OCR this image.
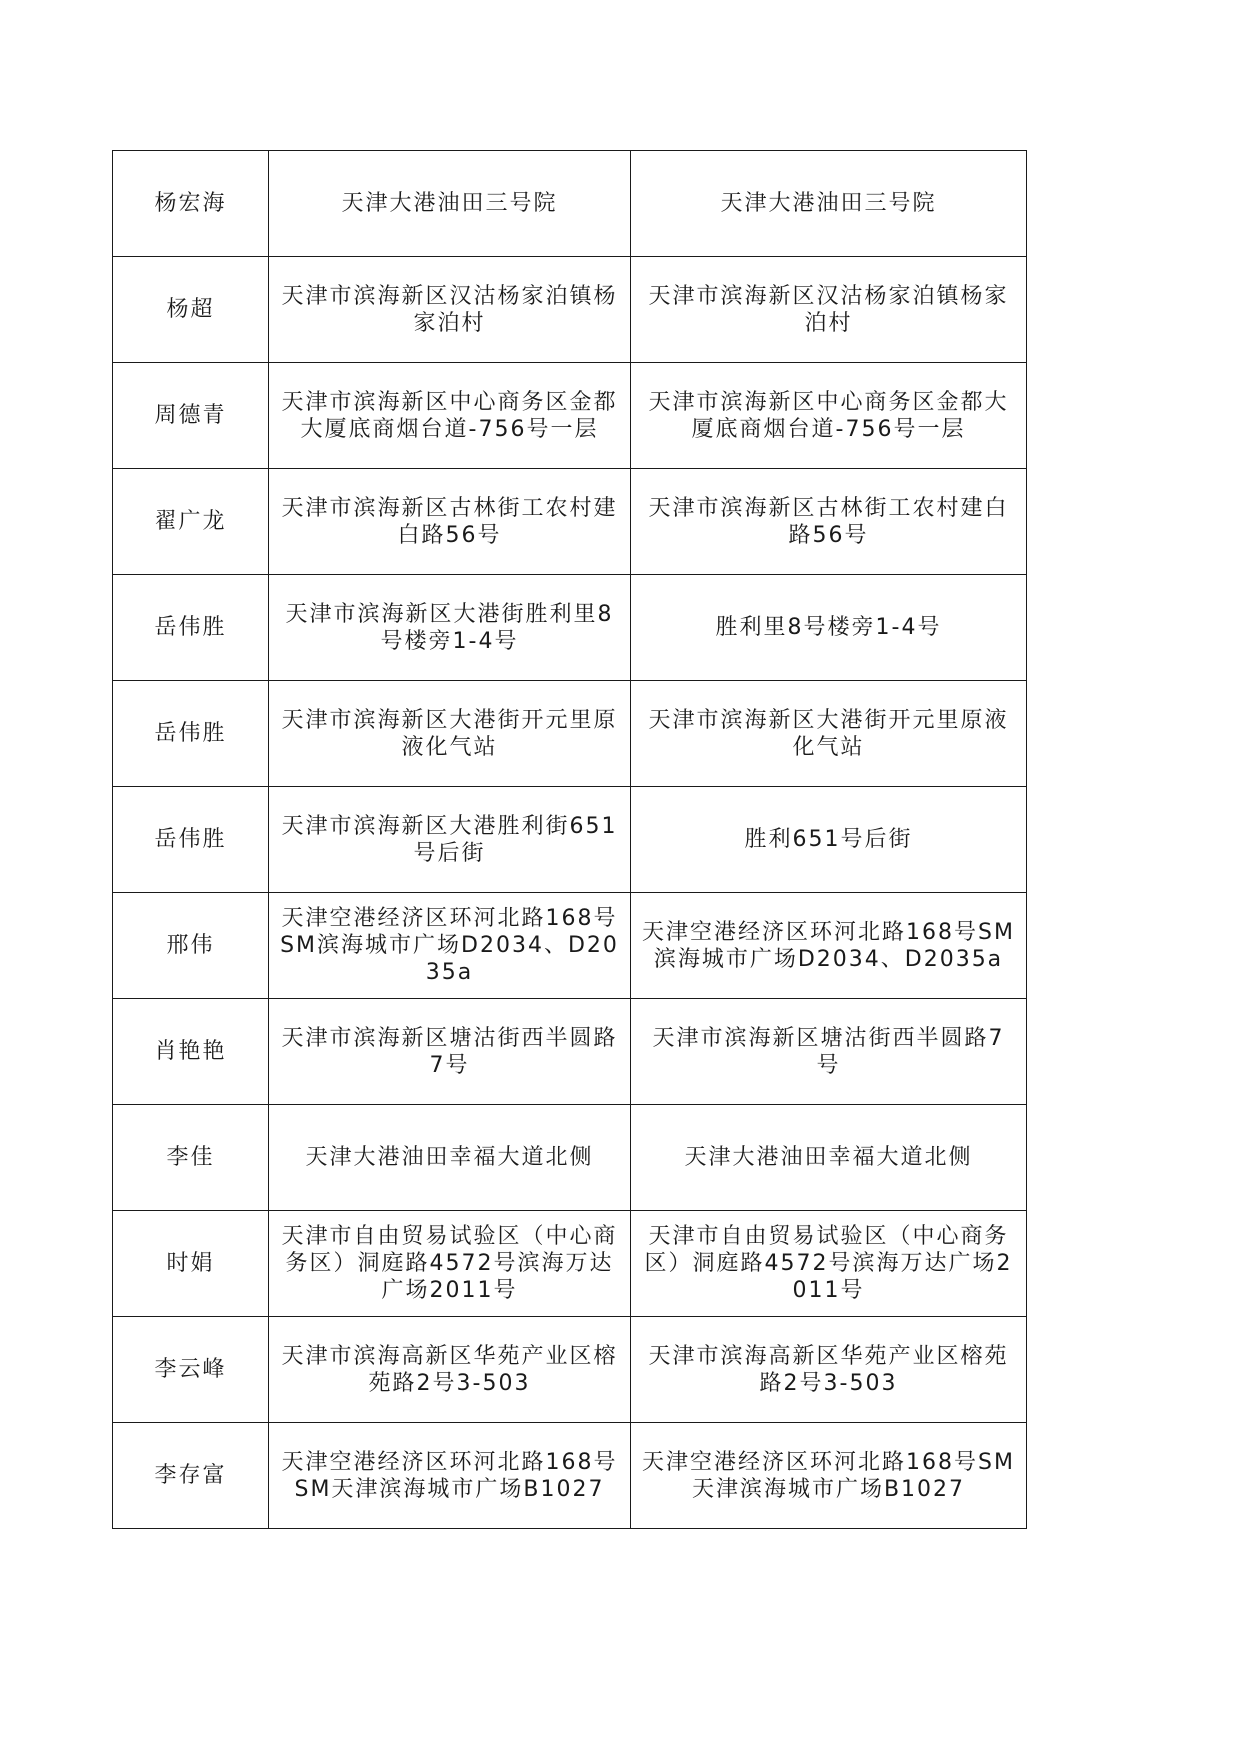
杨宏海	天津大港油田三号院	天津大港油田三号院
杨超	天津市滨海新区汉沽杨家泊镇杨家泊村	天津市滨海新区汉沽杨家泊镇杨家泊村
周德青	天津市滨海新区中心商务区金都大厦底商烟台道-756号一层	天津市滨海新区中心商务区金都大厦底商烟台道-756号一层
翟广龙	天津市滨海新区古林街工农村建白路56号	天津市滨海新区古林街工农村建白路56号
岳伟胜	天津市滨海新区大港街胜利里8号楼旁1-4号	胜利里8号楼旁1-4号
岳伟胜	天津市滨海新区大港街开元里原液化气站	天津市滨海新区大港街开元里原液化气站
岳伟胜	天津市滨海新区大港胜利街651号后街	胜利651号后街
邢伟	天津空港经济区环河北路168号SM滨海城市广场D2034、D2035a	天津空港经济区环河北路168号SM滨海城市广场D2034、D2035a
肖艳艳	天津市滨海新区塘沽街西半圆路7号	天津市滨海新区塘沽街西半圆路7号
李佳	天津大港油田幸福大道北侧	天津大港油田幸福大道北侧
时娟	天津市自由贸易试验区（中心商务区）洞庭路4572号滨海万达广场2011号	天津市自由贸易试验区（中心商务区）洞庭路4572号滨海万达广场2011号
李云峰	天津市滨海高新区华苑产业区榕苑路2号3-503	天津市滨海高新区华苑产业区榕苑路2号3-503
李存富	天津空港经济区环河北路168号SM天津滨海城市广场B1027	天津空港经济区环河北路168号SM天津滨海城市广场B1027
